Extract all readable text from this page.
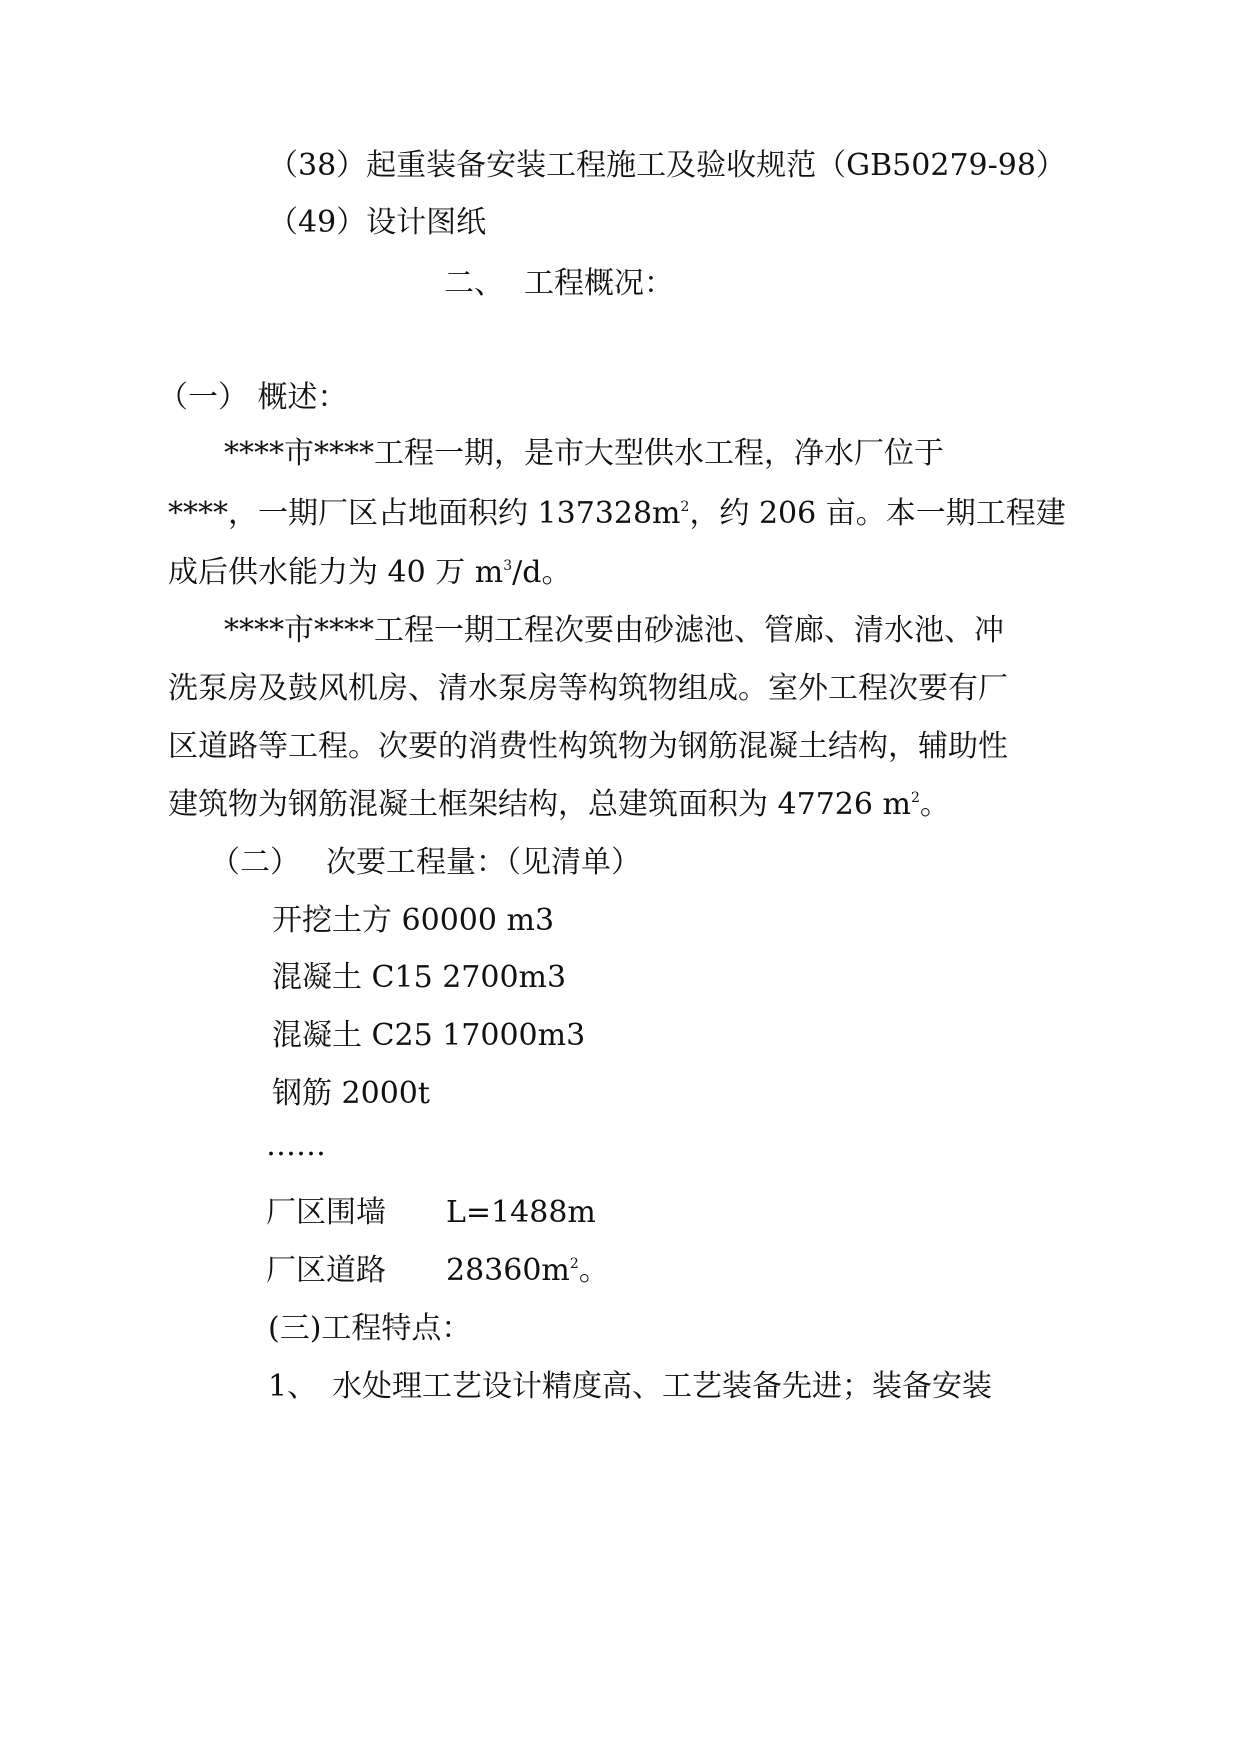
（38）起重装备安装工程施工及验收规范（GB50279-98）
（49）设计图纸
二、 工程概况：
（一） 概述：
****市****工程一期，是市大型供水工程，净水厂位于
****，一期厂区占地面积约 $137328m^2$，约 206 亩。本一期工程建
成后供水能力为 40 万 $m^3/d$。
****市****工程一期工程次要由砂滤池、管廊、清水池、冲
洗泵房及鼓风机房、清水泵房等构筑物组成。室外工程次要有厂
区道路等工程。次要的消费性构筑物为钢筋混凝土结构，辅助性
建筑物为钢筋混凝土框架结构，总建筑面积为 47726 $m^2$。
（二） 次要工程量：（见清单）
开挖土方 60000 m3
混凝土 C15 2700m3
混凝土 C25 17000m3
钢筋 2000t
……
厂区围墙 L=1488m
厂区道路 $28360m^2$。
(三)工程特点：
1、 水处理工艺设计精度高、工艺装备先进；装备安装
